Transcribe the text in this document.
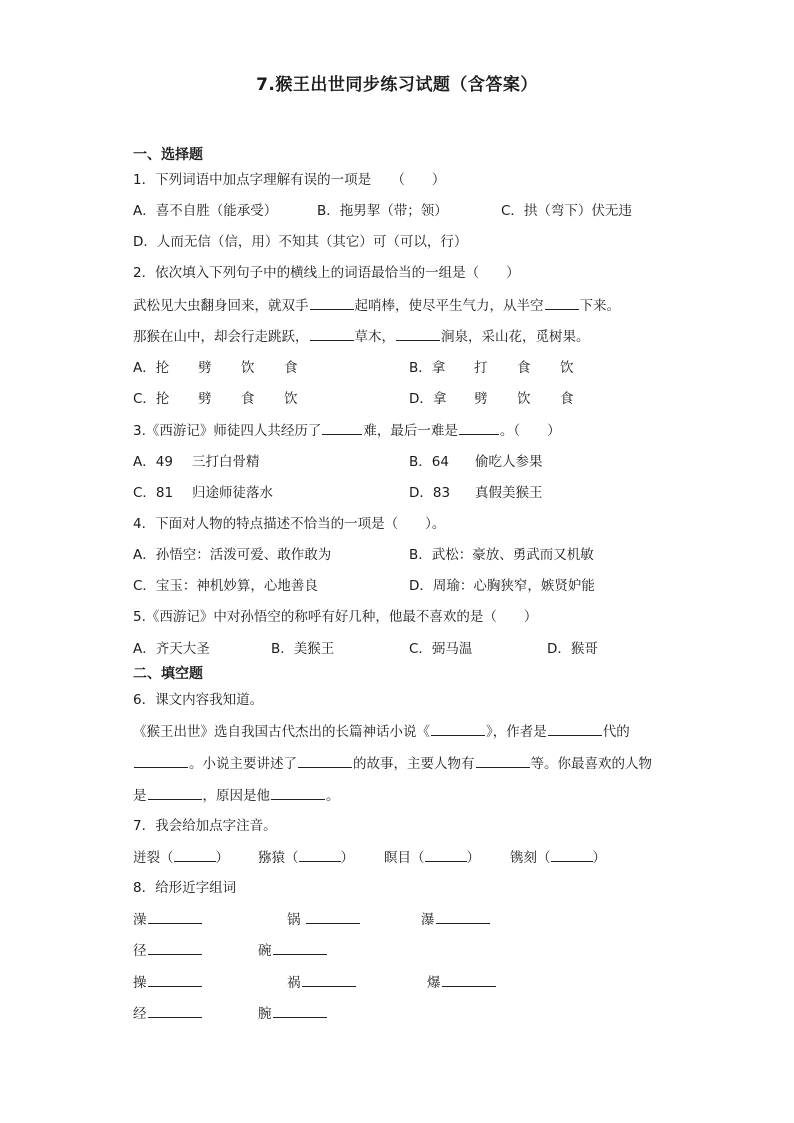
7.猴王出世同步练习试题（含答案）
一、选择题
1．下列词语中加点字理解有误的一项是　　（　　）
A．喜不自胜（能承受）	B．拖男挈（带；领）	C．拱（弯下）伏无违
D．人而无信（信，用）不知其（其它）可（可以，行）
2．依次填入下列句子中的横线上的词语最恰当的一组是（　　）
武松见大虫翻身回来，就双手	起哨棒，使尽平生气力，从半空	下来。
那猴在山中，却会行走跳跃，	草木，	涧泉，采山花，觅树果。
A．抡 劈 饮 食	B．拿 打 食 饮
C．抡 劈 食 饮	D．拿 劈 饮 食
3.《西游记》师徒四人共经历了	难，最后一难是	。（　　）
A．49 三打白骨精	B．64 偷吃人参果
C．81 归途师徒落水	D．83 真假美猴王
4．下面对人物的特点描述不恰当的一项是（　　）。
A．孙悟空：活泼可爱、敢作敢为	B．武松：豪放、勇武而又机敏
C．宝玉：神机妙算，心地善良	D．周瑜：心胸狭窄，嫉贤妒能
5.《西游记》中对孙悟空的称呼有好几种，他最不喜欢的是（　　）
A．齐天大圣	B．美猴王	C．弼马温	D．猴哥
二、填空题
6．课文内容我知道。
《猴王出世》选自我国古代杰出的长篇神话小说《	》，作者是	代的
。小说主要讲述了	的故事，主要人物有	等。你最喜欢的人物
是	，原因是他	。
7．我会给加点字注音。
迸裂（	） 猕猿（	） 瞑目（	） 镌刻（	）
8．给形近字组词
澡	锅	瀑
径	碗
操	祸	爆
经	腕
